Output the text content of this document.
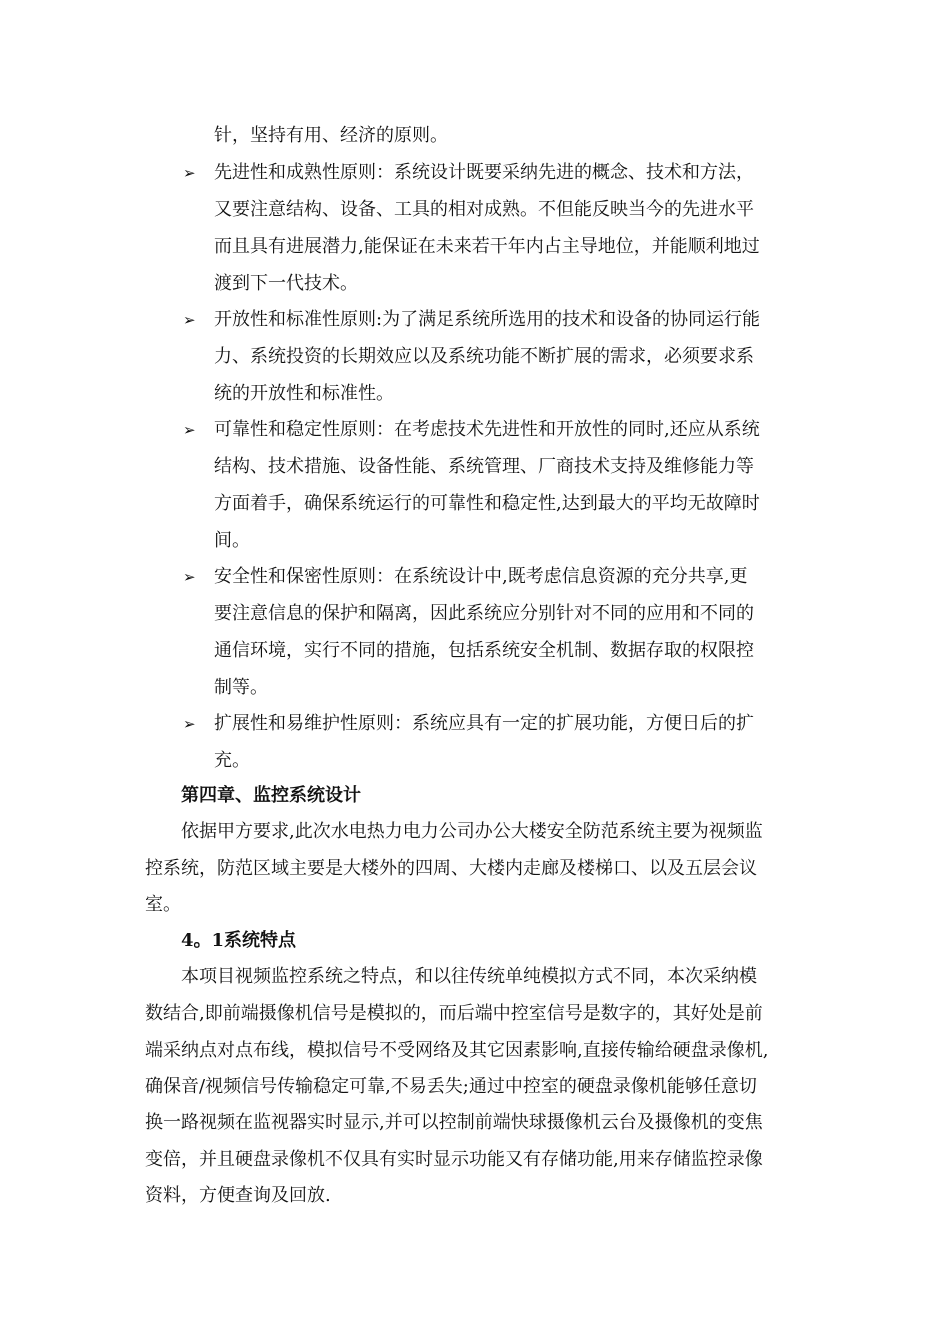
针，坚持有用、经济的原则。
➢ 先进性和成熟性原则：系统设计既要采纳先进的概念、技术和方法，
又要注意结构、设备、工具的相对成熟。不但能反映当今的先进水平
而且具有进展潜力,能保证在未来若干年内占主导地位，并能顺利地过
渡到下一代技术。
➢ 开放性和标准性原则:为了满足系统所选用的技术和设备的协同运行能
力、系统投资的长期效应以及系统功能不断扩展的需求，必须要求系
统的开放性和标准性。
➢ 可靠性和稳定性原则：在考虑技术先进性和开放性的同时,还应从系统
结构、技术措施、设备性能、系统管理、厂商技术支持及维修能力等
方面着手，确保系统运行的可靠性和稳定性,达到最大的平均无故障时
间。
➢ 安全性和保密性原则：在系统设计中,既考虑信息资源的充分共享,更
要注意信息的保护和隔离，因此系统应分别针对不同的应用和不同的
通信环境，实行不同的措施，包括系统安全机制、数据存取的权限控
制等。
➢ 扩展性和易维护性原则：系统应具有一定的扩展功能，方便日后的扩
充。
第四章、监控系统设计
依据甲方要求,此次水电热力电力公司办公大楼安全防范系统主要为视频监
控系统，防范区域主要是大楼外的四周、大楼内走廊及楼梯口、以及五层会议
室。
4。1系统特点
本项目视频监控系统之特点，和以往传统单纯模拟方式不同，本次采纳模
数结合,即前端摄像机信号是模拟的，而后端中控室信号是数字的，其好处是前
端采纳点对点布线，模拟信号不受网络及其它因素影响,直接传输给硬盘录像机,
确保音/视频信号传输稳定可靠,不易丢失;通过中控室的硬盘录像机能够任意切
换一路视频在监视器实时显示,并可以控制前端快球摄像机云台及摄像机的变焦
变倍，并且硬盘录像机不仅具有实时显示功能又有存储功能,用来存储监控录像
资料，方便查询及回放.
